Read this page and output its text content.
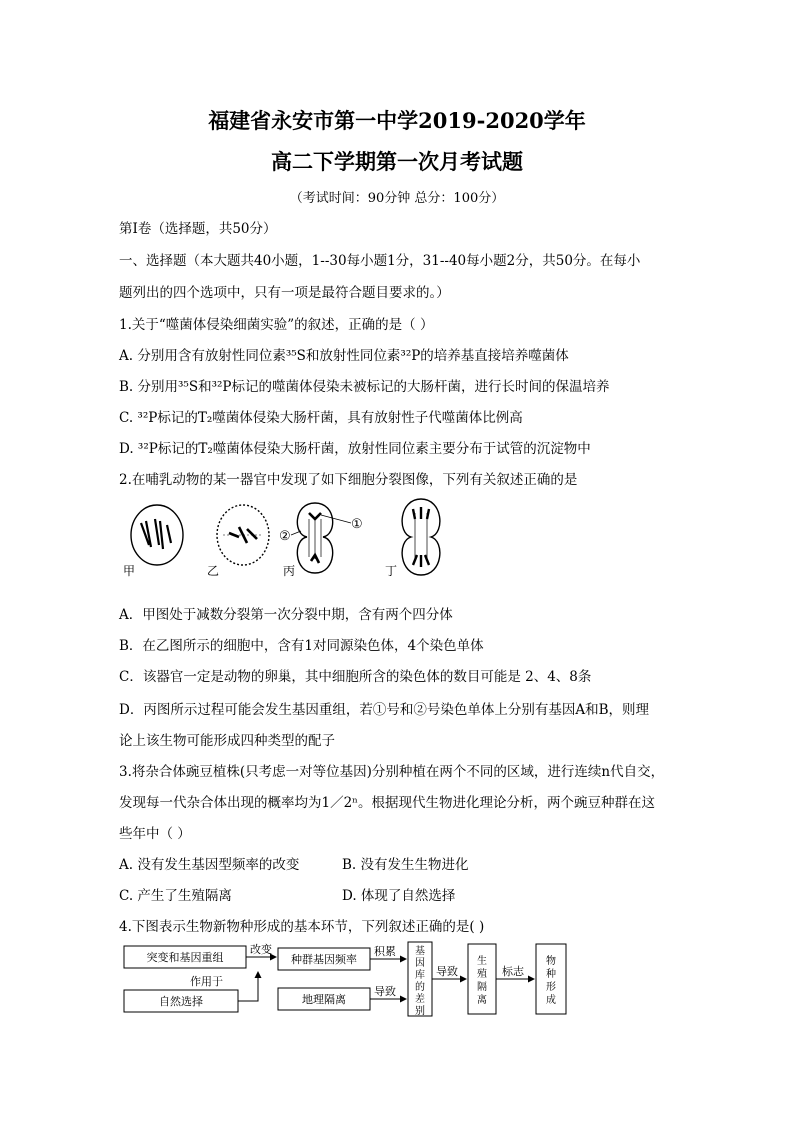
福建省永安市第一中学2019-2020学年
高二下学期第一次月考试题
（考试时间：90分钟 总分：100分）
第Ⅰ卷（选择题，共50分）
一、选择题（本大题共40小题，1--30每小题1分，31--40每小题2分，共50分。在每小
题列出的四个选项中，只有一项是最符合题目要求的。）
1.关于“噬菌体侵染细菌实验”的叙述，正确的是（ ）
A. 分别用含有放射性同位素³⁵S和放射性同位素³²P的培养基直接培养噬菌体
B. 分别用³⁵S和³²P标记的噬菌体侵染未被标记的大肠杆菌，进行长时间的保温培养
C. ³²P标记的T₂噬菌体侵染大肠杆菌，具有放射性子代噬菌体比例高
D. ³²P标记的T₂噬菌体侵染大肠杆菌，放射性同位素主要分布于试管的沉淀物中
2.在哺乳动物的某一器官中发现了如下细胞分裂图像，下列有关叙述正确的是
甲	乙
①
②
丙	丁
A．甲图处于减数分裂第一次分裂中期，含有两个四分体
B．在乙图所示的细胞中，含有1对同源染色体，4个染色单体
C．该器官一定是动物的卵巢，其中细胞所含的染色体的数目可能是 2、4、8条
D．丙图所示过程可能会发生基因重组，若①号和②号染色单体上分别有基因A和B，则理
论上该生物可能形成四种类型的配子
3.将杂合体豌豆植株(只考虑一对等位基因)分别种植在两个不同的区域，进行连续n代自交，
发现每一代杂合体出现的概率均为1／2ⁿ。根据现代生物进化理论分析，两个豌豆种群在这
些年中（ ）
A. 没有发生基因型频率的改变	B. 没有发生生物进化
C. 产生了生殖隔离	D. 体现了自然选择
4.下图表示生物新物种形成的基本环节，下列叙述正确的是( )
突变和基因重组
自然选择
作用于
改变
种群基因频率
地理隔离
积累
导致
基
因
库
的
差
别
导致
生
殖
隔
离
标志
物
种
形
成
